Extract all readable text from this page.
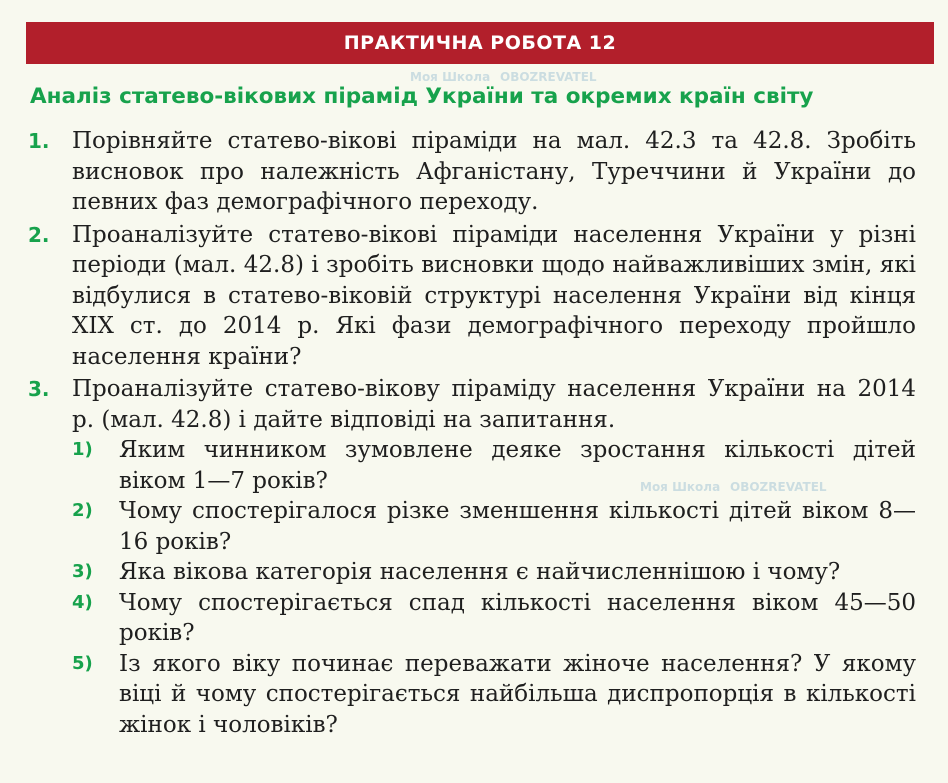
ПРАКТИЧНА РОБОТА 12
Аналіз статево-вікових пірамід України та окремих країн світу
1. Порівняйте статево-вікові піраміди на мал. 42.3 та 42.8. Зробіть висновок про належність Афганістану, Туреччини й України до певних фаз демографічного переходу.
2. Проаналізуйте статево-вікові піраміди населення України у різні періоди (мал. 42.8) і зробіть висновки щодо найважливіших змін, які відбулися в статево-віковій структурі населення України від кінця XIX ст. до 2014 р. Які фази демографічного переходу пройшло населення країни?
3. Проаналізуйте статево-вікову піраміду населення України на 2014 р. (мал. 42.8) і дайте відповіді на запитання.
1) Яким чинником зумовлене деяке зростання кількості дітей віком 1—7 років?
2) Чому спостерігалося різке зменшення кількості дітей віком 8—16 років?
3) Яка вікова категорія населення є найчисленнішою і чому?
4) Чому спостерігається спад кількості населення віком 45—50 років?
5) Із якого віку починає переважати жіноче населення? У якому віці й чому спостерігається найбільша диспропорція в кількості жінок і чоловіків?
Моя Школа OBOZREVATEL
Моя Школа OBOZREVATEL
